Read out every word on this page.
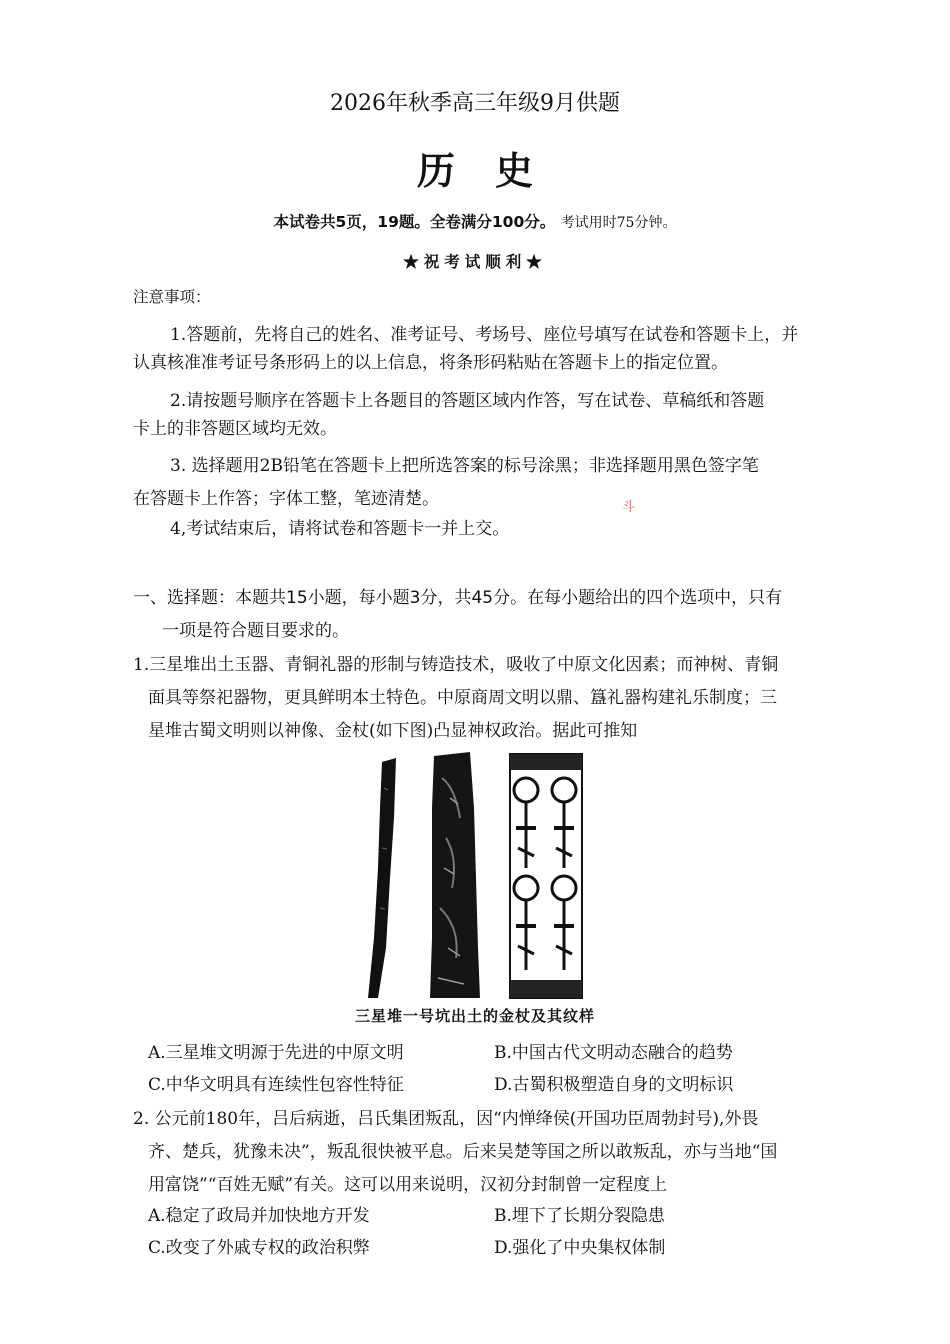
2026年秋季高三年级9月供题
历史
本试卷共5页，19题。全卷满分100分。 考试用时75分钟。
★祝考试顺利★
注意事项：
1.答题前，先将自己的姓名、准考证号、考场号、座位号填写在试卷和答题卡上，并
认真核准准考证号条形码上的以上信息，将条形码粘贴在答题卡上的指定位置。
2.请按题号顺序在答题卡上各题目的答题区域内作答，写在试卷、草稿纸和答题
卡上的非答题区域均无效。
3. 选择题用2B铅笔在答题卡上把所选答案的标号涂黑；非选择题用黑色签字笔
在答题卡上作答；字体工整，笔迹清楚。
4,考试结束后，请将试卷和答题卡一并上交。
斗
一、选择题：本题共15小题，每小题3分，共45分。在每小题给出的四个选项中，只有
一项是符合题目要求的。
1.三星堆出土玉器、青铜礼器的形制与铸造技术，吸收了中原文化因素；而神树、青铜
面具等祭祀器物，更具鲜明本土特色。中原商周文明以鼎、簋礼器构建礼乐制度；三
星堆古蜀文明则以神像、金杖(如下图)凸显神权政治。据此可推知
三星堆一号坑出土的金杖及其纹样
A.三星堆文明源于先进的中原文明	B.中国古代文明动态融合的趋势
C.中华文明具有连续性包容性特征	D.古蜀积极塑造自身的文明标识
2. 公元前180年，吕后病逝，吕氏集团叛乱，因“内惮绛侯(开国功臣周勃封号),外畏
齐、楚兵，犹豫未决”，叛乱很快被平息。后来吴楚等国之所以敢叛乱，亦与当地“国
用富饶”“百姓无赋”有关。这可以用来说明，汉初分封制曾一定程度上
A.稳定了政局并加快地方开发	B.埋下了长期分裂隐患
C.改变了外戚专权的政治积弊	D.强化了中央集权体制
